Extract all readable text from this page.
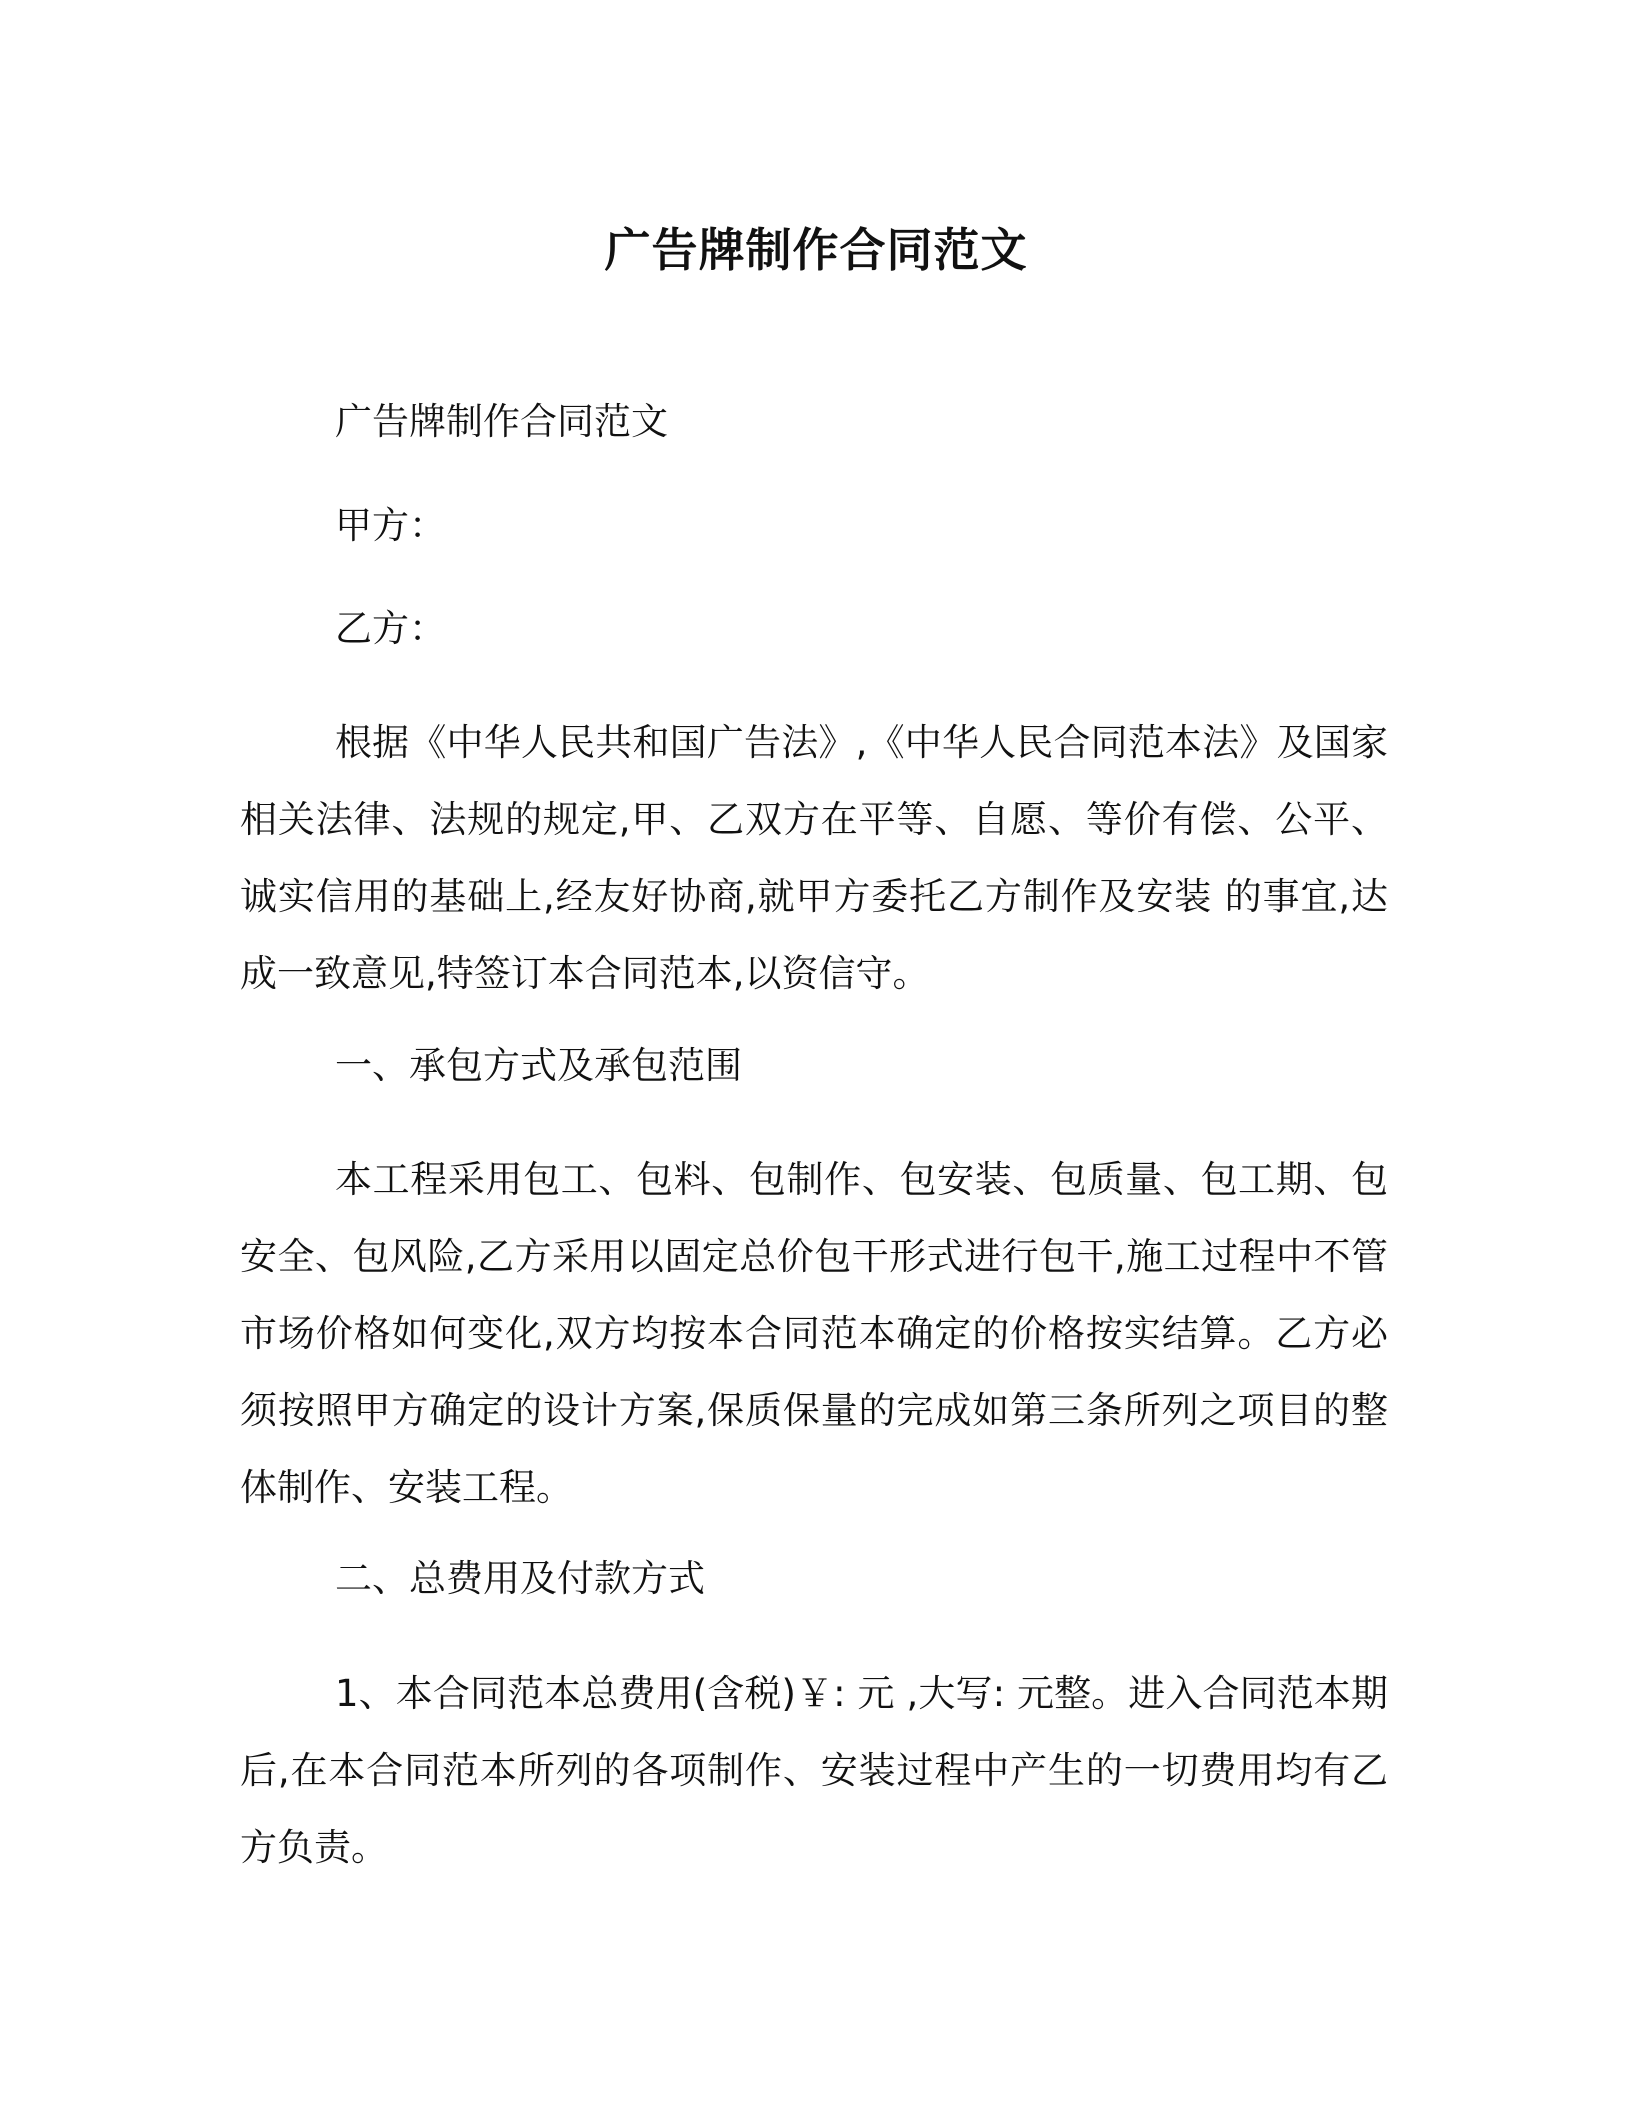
广告牌制作合同范文
广告牌制作合同范文
甲方：
乙方：

根据《中华人民共和国广告法》,《中华人民合同范本法》及国家相关法律、法规的规定,甲、乙双方在平等、自愿、等价有偿、公平、诚实信用的基础上,经友好协商,就甲方委托乙方制作及安装 的事宜,达成一致意见,特签订本合同范本,以资信守。

一、承包方式及承包范围

本工程采用包工、包料、包制作、包安装、包质量、包工期、包安全、包风险,乙方采用以固定总价包干形式进行包干,施工过程中不管市场价格如何变化,双方均按本合同范本确定的价格按实结算。乙方必须按照甲方确定的设计方案,保质保量的完成如第三条所列之项目的整体制作、安装工程。

二、总费用及付款方式

1、本合同范本总费用(含税)￥: 元 ,大写: 元整。进入合同范本期后,在本合同范本所列的各项制作、安装过程中产生的一切费用均有乙方负责。
